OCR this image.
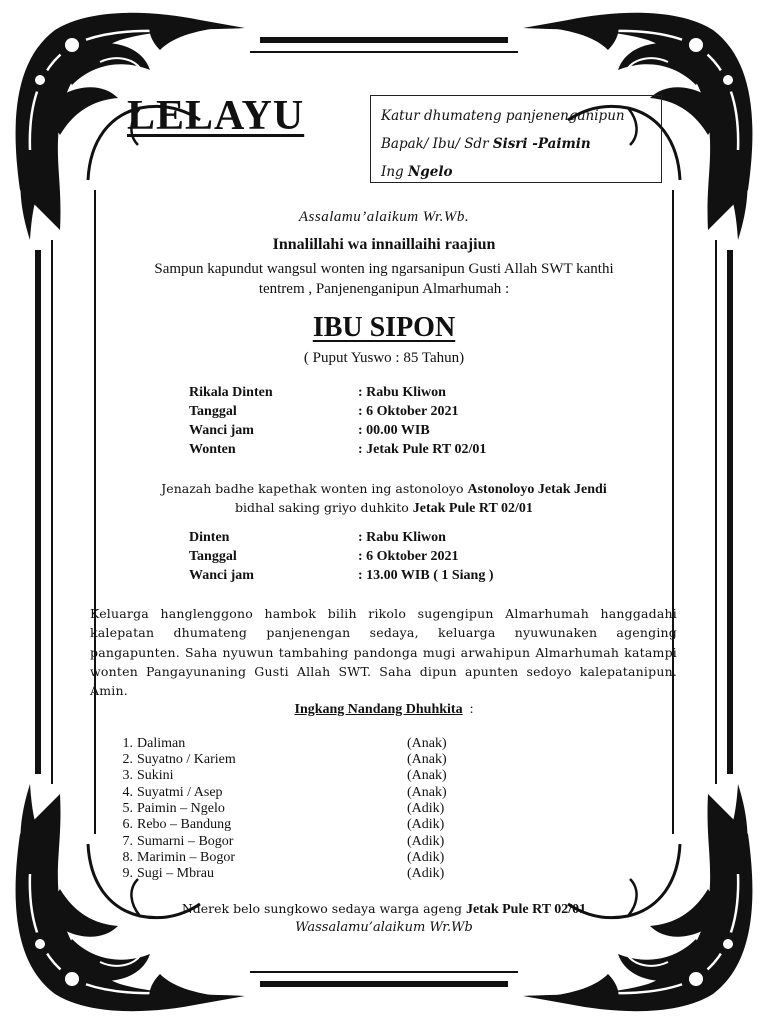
LELAYU	Katur dhumateng panjenenganipun
Bapak/ Ibu/ Sdr Sisri -Paimin
Ing Ngelo
Assalamu’alaikum Wr.Wb.
Innalillahi wa innaillaihi raajiun
Sampun kapundut wangsul wonten ing ngarsanipun Gusti Allah SWT kanthi
tentrem , Panjenenganipun Almarhumah :
IBU SIPON
( Puput Yuswo : 85 Tahun)
Rikala Dinten	: Rabu Kliwon
Tanggal	: 6 Oktober 2021
Wanci jam	: 00.00 WIB
Wonten	: Jetak Pule RT 02/01
Jenazah badhe kapethak wonten ing astonoloyo Astonoloyo Jetak Jendi
bidhal saking griyo duhkito Jetak Pule RT 02/01
Dinten	: Rabu Kliwon
Tanggal	: 6 Oktober 2021
Wanci jam	: 13.00 WIB ( 1 Siang )
Keluarga hanglenggono hambok bilih rikolo sugengipun Almarhumah hanggadahi kalepatan dhumateng panjenengan sedaya, keluarga nyuwunaken agenging pangapunten. Saha nyuwun tambahing pandonga mugi arwahipun Almarhumah katampi wonten Pangayunaning Gusti Allah SWT. Saha dipun apunten sedoyo kalepatanipun. Amin.
Ingkang Nandang Dhuhkita :
1. Daliman	(Anak)
2. Suyatno / Kariem	(Anak)
3. Sukini	(Anak)
4. Suyatmi / Asep	(Anak)
5. Paimin – Ngelo	(Adik)
6. Rebo – Bandung	(Adik)
7. Sumarni – Bogor	(Adik)
8. Marimin – Bogor	(Adik)
9. Sugi – Mbrau	(Adik)
Nderek belo sungkowo sedaya warga ageng Jetak Pule RT 02/01
Wassalamu’alaikum Wr.Wb
